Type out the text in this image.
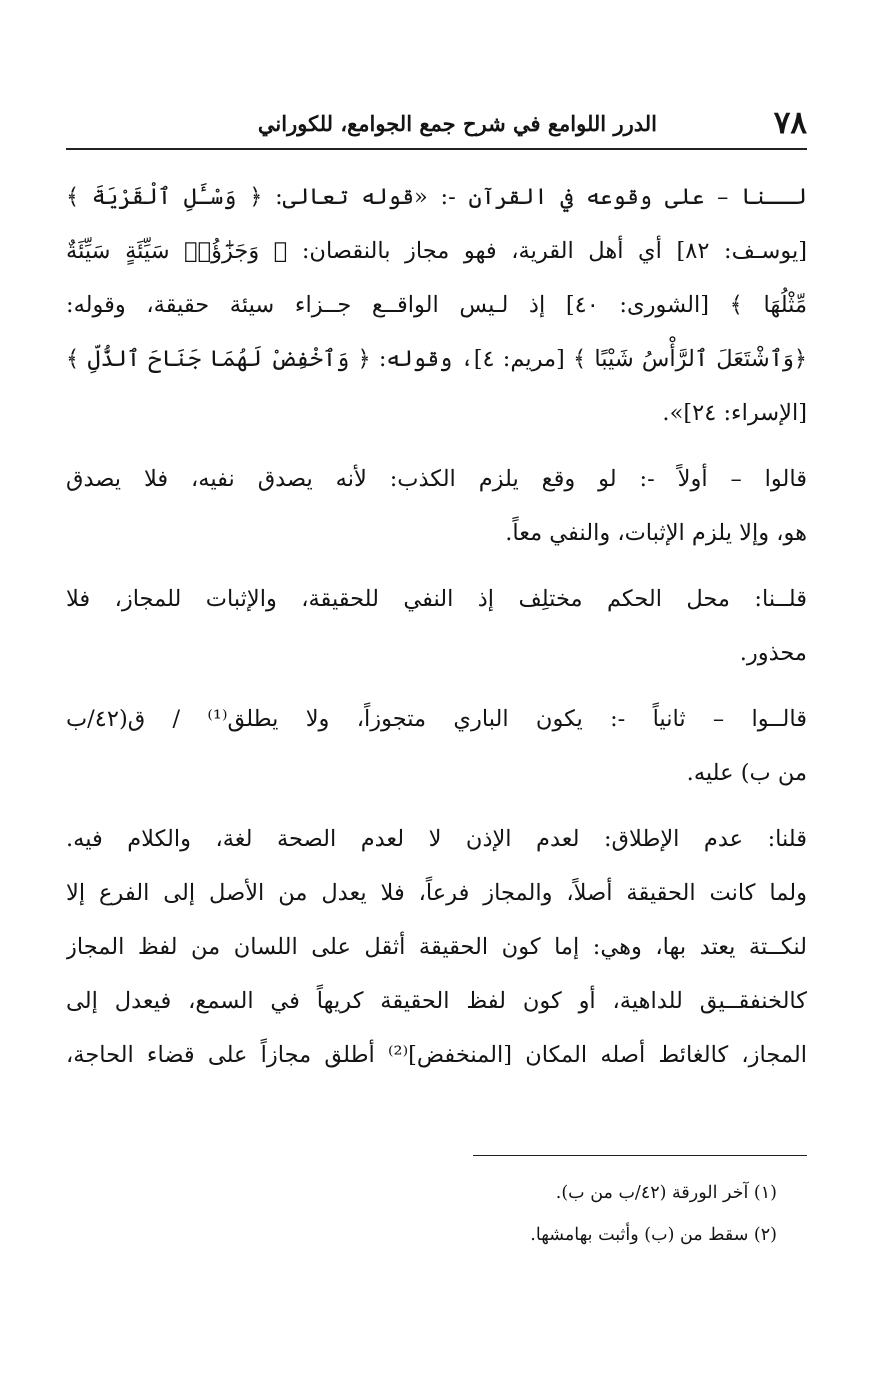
٧٨
الدرر اللوامع في شرح جمع الجوامع، للكوراني
لــنا – على وقوعه في القرآن -: «قوله تعالى: ﴿ وَسْـَٔلِ ٱلْقَرْيَةَ ﴾
[يوسـف: ٨٢] أي أهل القرية، فهو مجاز بالنقصان: ﴿ وَجَزَٰٓؤُا۟ سَيِّئَةٍ سَيِّئَةٌ
مِّثْلُهَا ﴾ [الشورى: ٤٠] إذ لـيس الواقــع جــزاء سيئة حقيقة، وقوله:
﴿وَٱشْتَعَلَ ٱلرَّأْسُ شَيْبًا ﴾ [مريم: ٤]، وقوله: ﴿ وَٱخْفِضْ لَهُمَا جَنَاحَ ٱلذُّلِّ ﴾
[الإسراء: ٢٤]».
قالوا – أولاً -: لو وقع يلزم الكذب: لأنه يصدق نفيه، فلا يصدق
هو، وإلا يلزم الإثبات، والنفي معاً.
قلــنا: محل الحكم مختلِف إذ النفي للحقيقة، والإثبات للمجاز، فلا
محذور.
قالــوا – ثانياً -: يكون الباري متجوزاً، ولا يطلق⁽¹⁾ / ق(٤٢/ب
من ب) عليه.
قلنا: عدم الإطلاق: لعدم الإذن لا لعدم الصحة لغة، والكلام فيه.
ولما كانت الحقيقة أصلاً، والمجاز فرعاً، فلا يعدل من الأصل إلى الفرع إلا
لنكــتة يعتد بها، وهي: إما كون الحقيقة أثقل على اللسان من لفظ المجاز
كالخنفقــيق للداهية، أو كون لفظ الحقيقة كريهاً في السمع، فيعدل إلى
المجاز، كالغائط أصله المكان [المنخفض]⁽²⁾ أطلق مجازاً على قضاء الحاجة،
(١) آخر الورقة (٤٢/ب من ب).
(٢) سقط من (ب) وأثبت بهامشها.
